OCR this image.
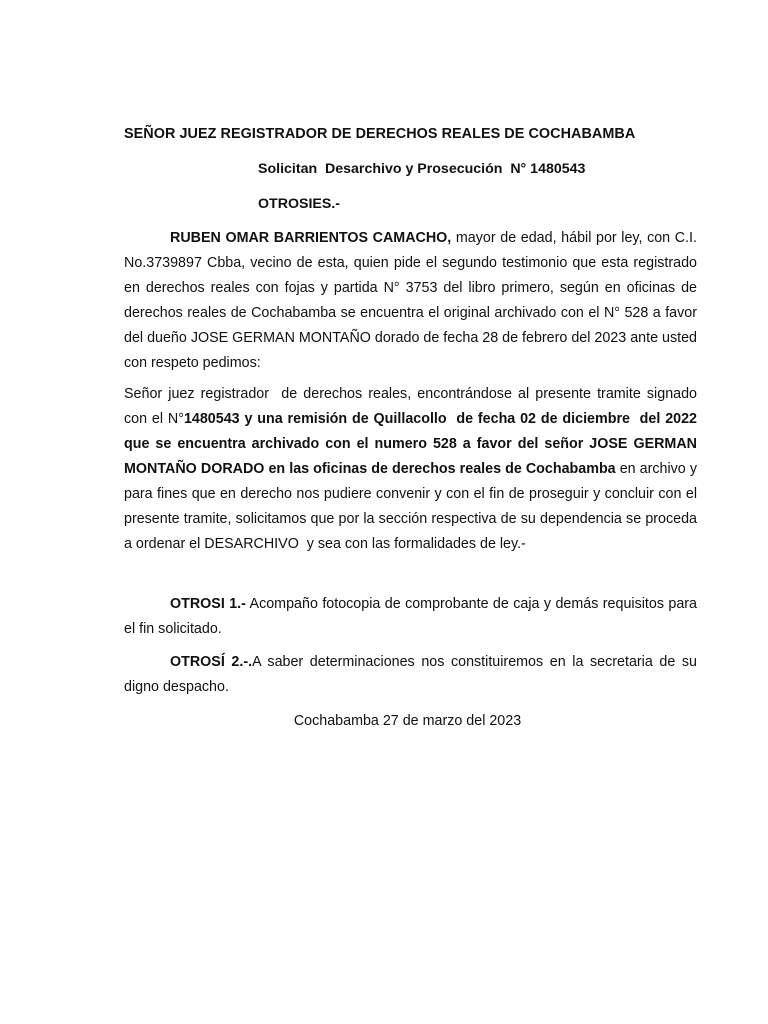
SEÑOR JUEZ REGISTRADOR DE DERECHOS REALES DE COCHABAMBA
Solicitan  Desarchivo y Prosecución  N° 1480543
OTROSIES.-
RUBEN OMAR BARRIENTOS CAMACHO, mayor de edad, hábil por ley, con C.I. No.3739897 Cbba, vecino de esta, quien pide el segundo testimonio que esta registrado en derechos reales con fojas y partida N° 3753 del libro primero, según en oficinas de derechos reales de Cochabamba se encuentra el original archivado con el N° 528 a favor del dueño JOSE GERMAN MONTAÑO dorado de fecha 28 de febrero del 2023 ante usted con respeto pedimos:
Señor juez registrador  de derechos reales, encontrándose al presente tramite signado con el N°1480543 y una remisión de Quillacollo  de fecha 02 de diciembre  del 2022 que se encuentra archivado con el numero 528 a favor del señor JOSE GERMAN MONTAÑO DORADO en las oficinas de derechos reales de Cochabamba en archivo y para fines que en derecho nos pudiere convenir y con el fin de proseguir y concluir con el presente tramite, solicitamos que por la sección respectiva de su dependencia se proceda a ordenar el DESARCHIVO  y sea con las formalidades de ley.-
OTROSI 1.- Acompaño fotocopia de comprobante de caja y demás requisitos para el fin solicitado.
OTROSÍ 2.-.A saber determinaciones nos constituiremos en la secretaria de su digno despacho.
Cochabamba 27 de marzo del 2023
